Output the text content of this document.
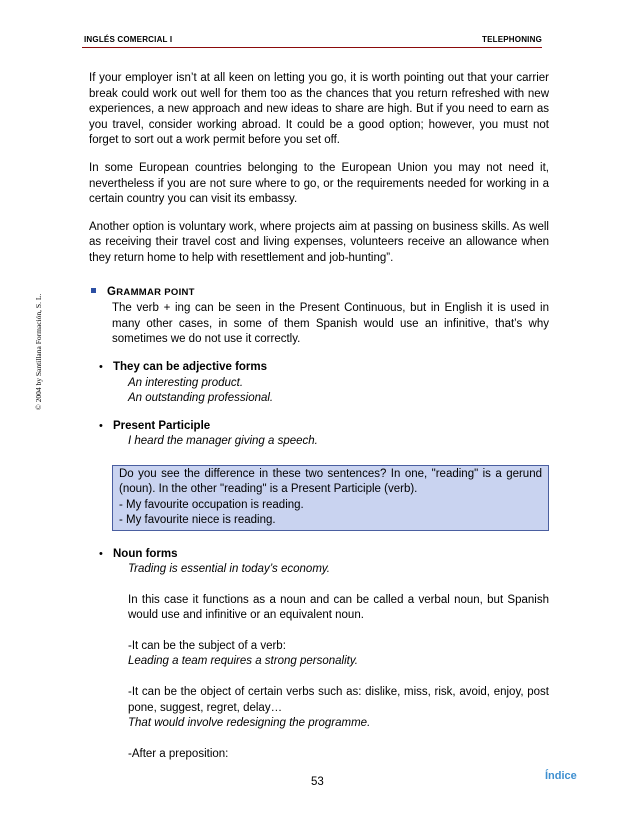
INGLÉS COMERCIAL I	TELEPHONING
© 2004 by Santillana Formación, S. L.

If your employer isn’t at all keen on letting you go, it is worth pointing out that your carrier break could work out well for them too as the chances that you return refreshed with new experiences, a new approach and new ideas to share are high. But if you need to earn as you travel, consider working abroad. It could be a good option; however, you must not forget to sort out a work permit before you set off.

In some European countries belonging to the European Union you may not need it, nevertheless if you are not sure where to go, or the requirements needed for working in a certain country you can visit its embassy.

Another option is voluntary work, where projects aim at passing on business skills. As well as receiving their travel cost and living expenses, volunteers receive an allowance when they return home to help with resettlement and job-hunting”.

GRAMMAR POINT
The verb + ing can be seen in the Present Continuous, but in English it is used in many other cases, in some of them Spanish would use an infinitive, that’s why sometimes we do not use it correctly.
• They can be adjective forms
An interesting product.
An outstanding professional.
• Present Participle
I heard the manager giving a speech.
Do you see the difference in these two sentences? In one, "reading" is a gerund (noun). In the other "reading" is a Present Participle (verb).
- My favourite occupation is reading.
- My favourite niece is reading.
• Noun forms
Trading is essential in today’s economy.

In this case it functions as a noun and can be called a verbal noun, but Spanish would use and infinitive or an equivalent noun.

-It can be the subject of a verb:
Leading a team requires a strong personality.

-It can be the object of certain verbs such as: dislike, miss, risk, avoid, enjoy, post pone, suggest, regret, delay…
That would involve redesigning the programme.

-After a preposition:

53	Índice
